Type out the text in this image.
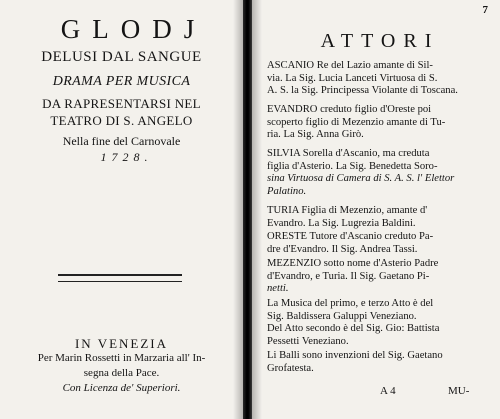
GLODJ
DELUSI DAL SANGUE
DRAMA PER MUSICA
DA RAPRESENTARSI NEL
TEATRO DI S. ANGELO
Nella fine del Carnovale
1728.
IN VENEZIA
Per Marin Rossetti in Marzaria all' In-
segna della Pace.
Con Licenza de' Superiori.
7
ATTORI
ASCANIO Re del Lazio amante di Sil-
via. La Sig. Lucia Lanceti Virtuosa di S.
A. S. la Sig. Principessa Violante di Toscana.
EVANDRO creduto figlio d'Oreste poi
scoperto figlio di Mezenzio amante di Tu-
ria. La Sig. Anna Girò.
SILVIA Sorella d'Ascanio, ma creduta
figlia d'Asterio. La Sig. Benedetta Soro-
sina Virtuosa di Camera di S. A. S. l' Elettor
Palatino.
TURIA Figlia di Mezenzio, amante d'
Evandro. La Sig. Lugrezia Baldini.
ORESTE Tutore d'Ascanio creduto Pa-
dre d'Evandro. Il Sig. Andrea Tassi.
MEZENZIO sotto nome d'Asterio Padre
d'Evandro, e Turia. Il Sig. Gaetano Pi-
netti.
La Musica del primo, e terzo Atto è del
Sig. Baldissera Galuppi Veneziano.
Del Atto secondo è del Sig. Gio: Battista
Pessetti Veneziano.
Li Balli sono invenzioni del Sig. Gaetano
Grofatesta.
A 4	MU-
